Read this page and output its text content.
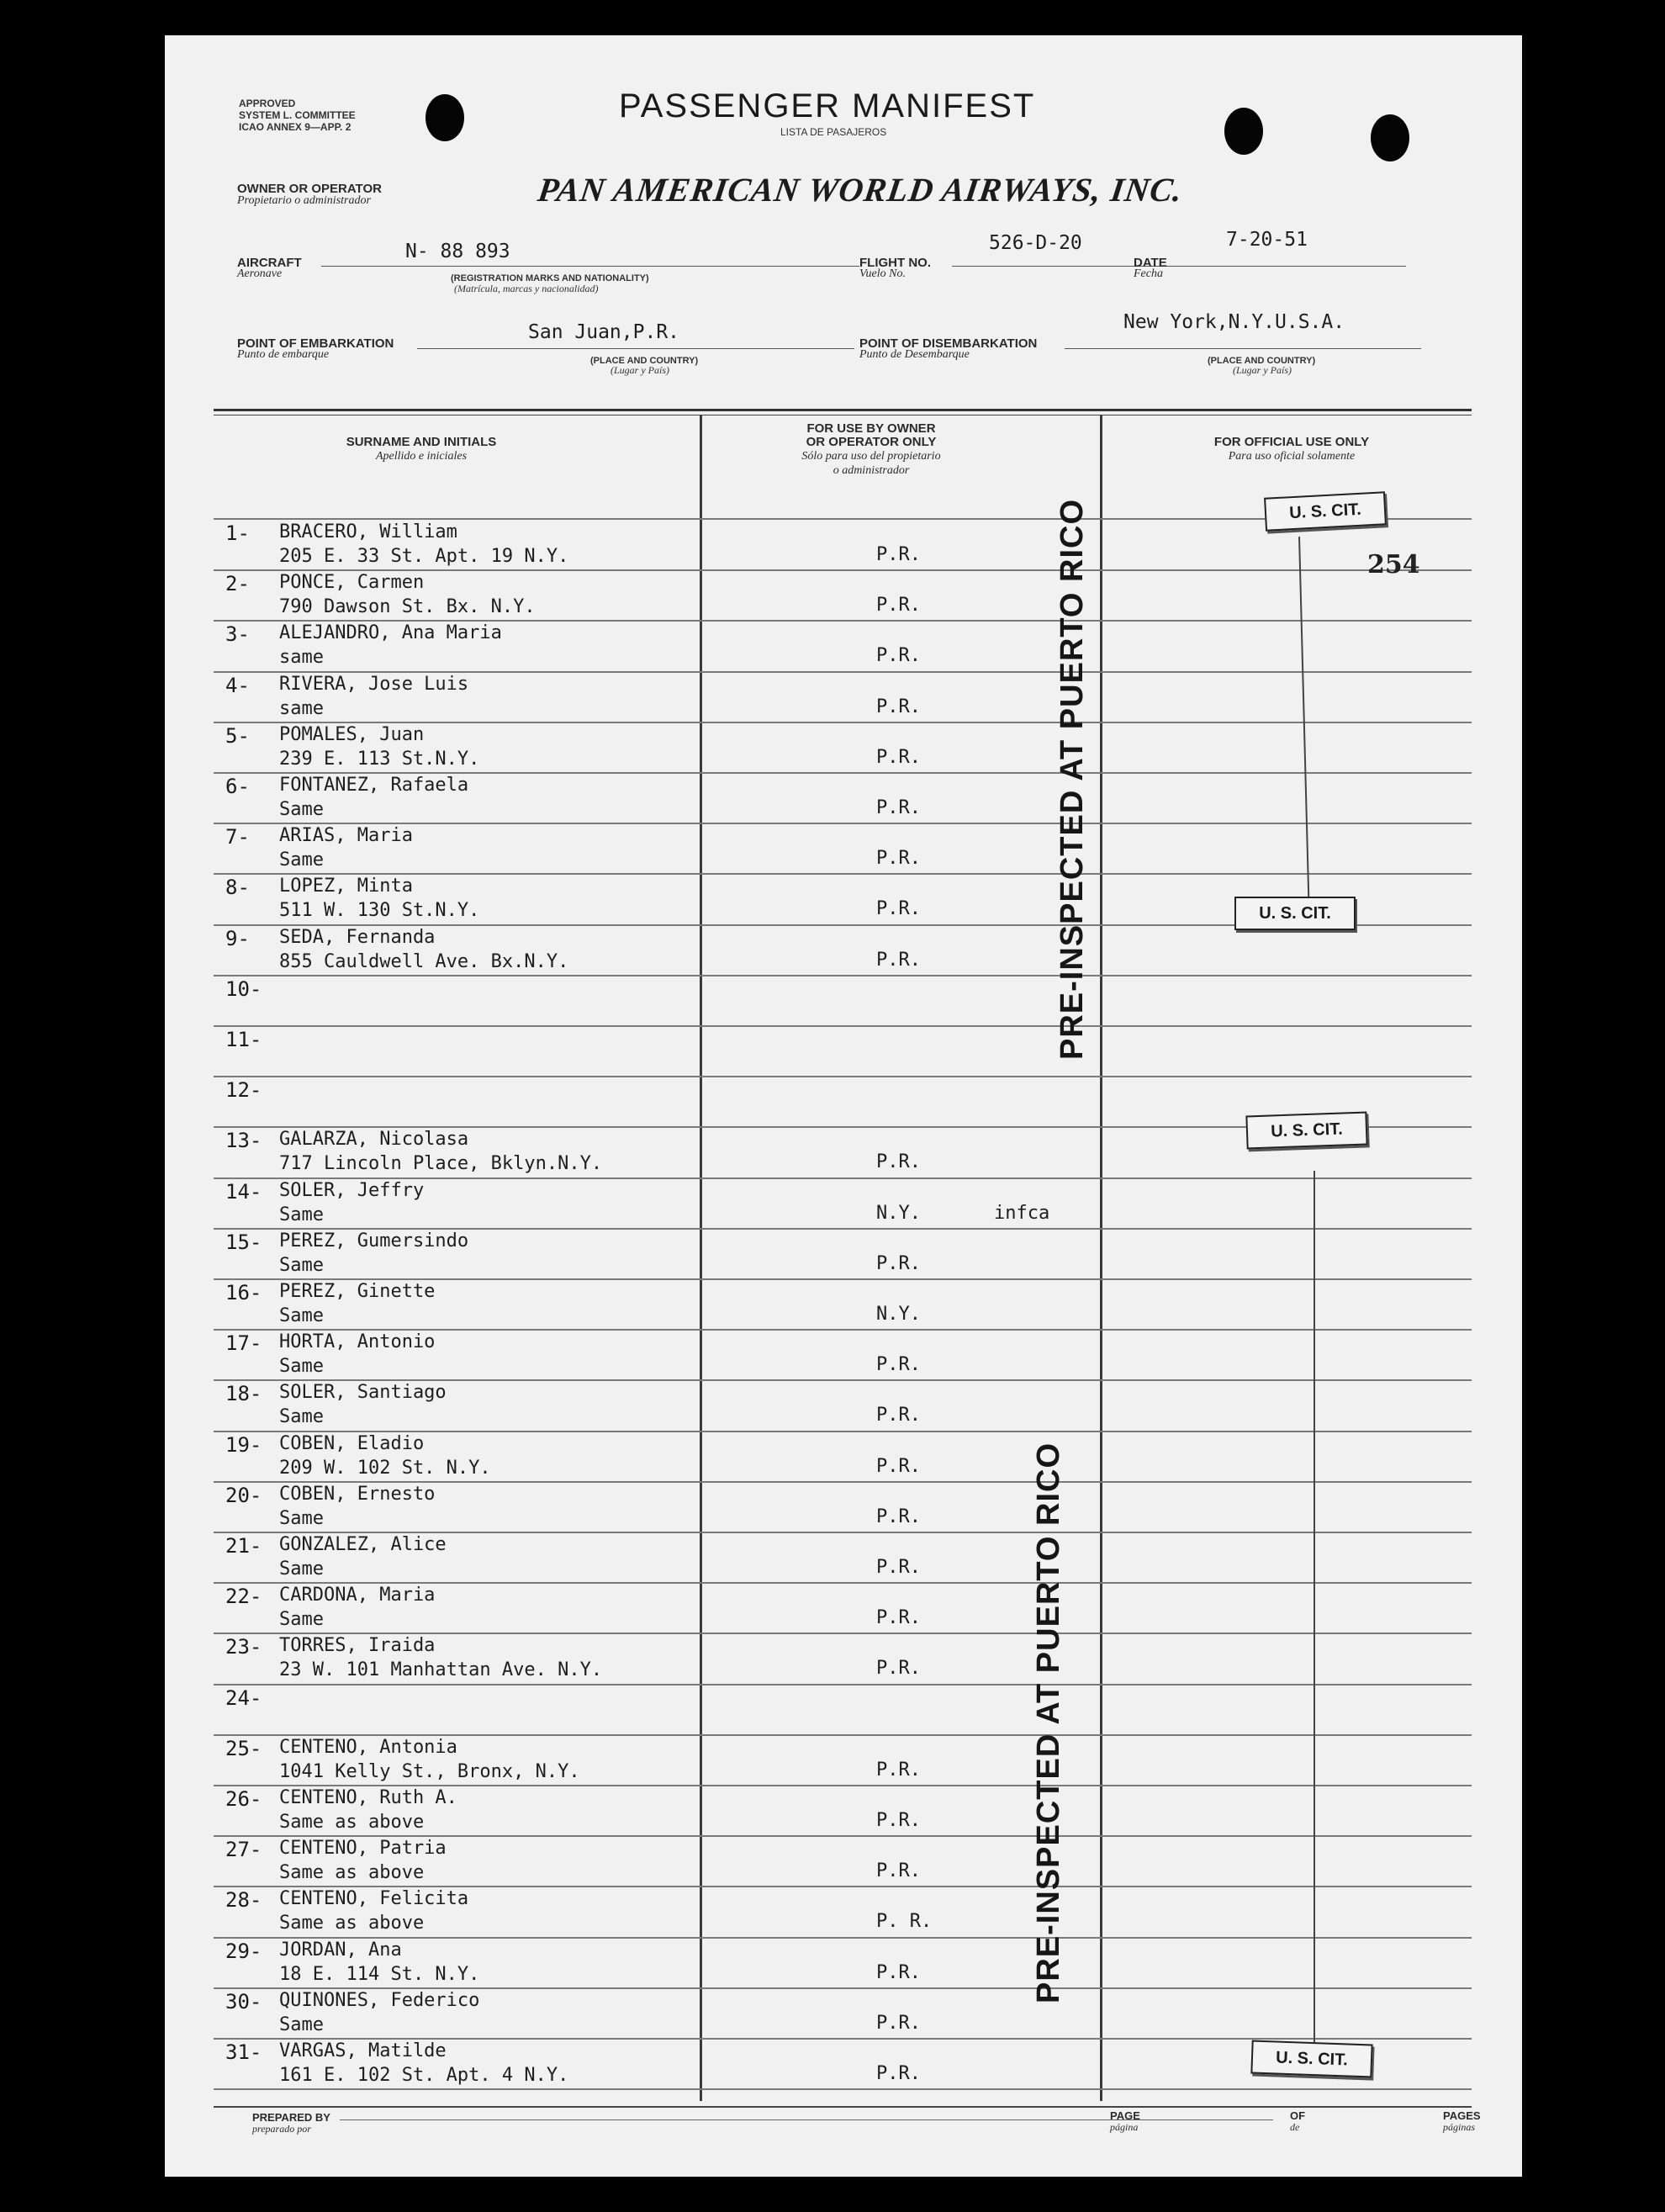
APPROVED
SYSTEM L. COMMITTEE
ICAO ANNEX 9—APP. 2
PASSENGER MANIFEST
LISTA DE PASAJEROS
OWNER OR OPERATOR
Propietario o administrador	PAN AMERICAN WORLD AIRWAYS, INC.
AIRCRAFT
Aeronave
N- 88 893
(REGISTRATION MARKS AND NATIONALITY)
(Matrícula, marcas y nacionalidad)
FLIGHT NO.
Vuelo No.
526-D-20
DATE
Fecha
7-20-51
POINT OF EMBARKATION
Punto de embarque
San Juan,P.R.
(PLACE AND COUNTRY)
(Lugar y País)
POINT OF DISEMBARKATION
Punto de Desembarque
New York,N.Y.U.S.A.
(PLACE AND COUNTRY)
(Lugar y País)
SURNAME AND INITIALS
Apellido e iniciales
FOR USE BY OWNER
OR OPERATOR ONLY
Sólo para uso del propietario
o administrador
FOR OFFICIAL USE ONLY
Para uso oficial solamente
1- BRACERO, William
205 E. 33 St. Apt. 19 N.Y.	P.R.
2- PONCE, Carmen
790 Dawson St. Bx. N.Y.	P.R.
3- ALEJANDRO, Ana Maria
same	P.R.
4- RIVERA, Jose Luis
same	P.R.
5- POMALES, Juan
239 E. 113 St.N.Y.	P.R.
6- FONTANEZ, Rafaela
Same	P.R.
7- ARIAS, Maria
Same	P.R.
8- LOPEZ, Minta
511 W. 130 St.N.Y.	P.R.
9- SEDA, Fernanda
855 Cauldwell Ave. Bx.N.Y.	P.R.
10-
11-
12-
13- GALARZA, Nicolasa
717 Lincoln Place, Bklyn.N.Y.	P.R.
14- SOLER, Jeffry
Same	N.Y.	infca
15- PEREZ, Gumersindo
Same	P.R.
16- PEREZ, Ginette
Same	N.Y.
17- HORTA, Antonio
Same	P.R.
18- SOLER, Santiago
Same	P.R.
19- COBEN, Eladio
209 W. 102 St. N.Y.	P.R.
20- COBEN, Ernesto
Same	P.R.
21- GONZALEZ, Alice
Same	P.R.
22- CARDONA, Maria
Same	P.R.
23- TORRES, Iraida
23 W. 101 Manhattan Ave. N.Y.	P.R.
24-
25- CENTENO, Antonia
1041 Kelly St., Bronx, N.Y.	P.R.
26- CENTENO, Ruth A.
Same as above	P.R.
27- CENTENO, Patria
Same as above	P.R.
28- CENTENO, Felicita
Same as above	P. R.
29- JORDAN, Ana
18 E. 114 St. N.Y.	P.R.
30- QUINONES, Federico
Same	P.R.
31- VARGAS, Matilde
161 E. 102 St. Apt. 4 N.Y.	P.R.
U. S. CIT.
254
U. S. CIT.
U. S. CIT.
U. S. CIT.
PRE-INSPECTED AT PUERTO RICO
PRE-INSPECTED AT PUERTO RICO
PREPARED BY
preparado por
PAGE
página
OF
de
PAGES
páginas
